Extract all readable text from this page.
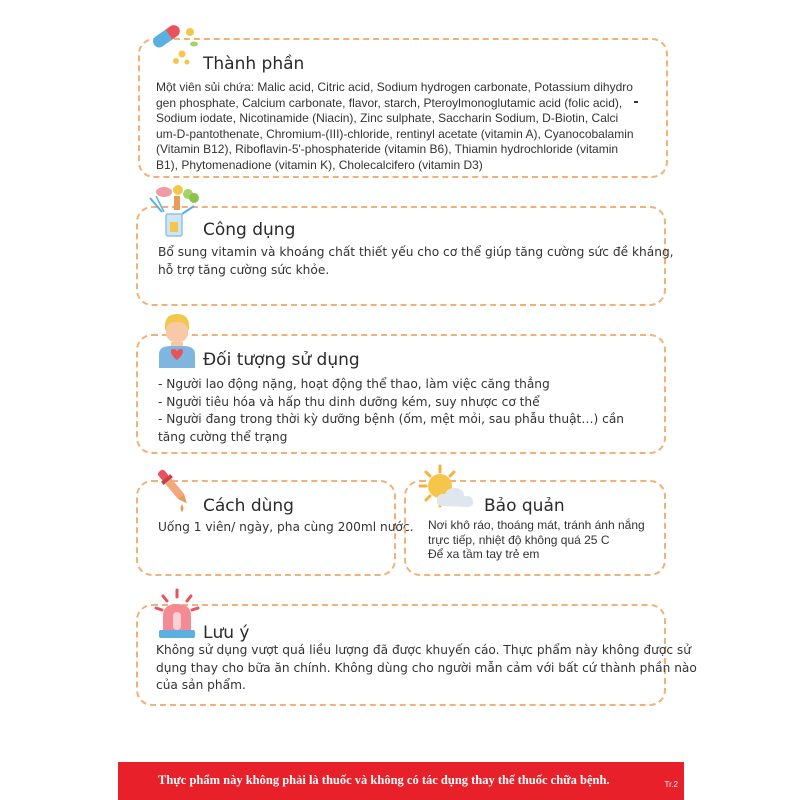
Thành phần
Một viên sủi chứa: Malic acid, Citric acid, Sodium hydrogen carbonate, Potassium dihydro
gen phosphate, Calcium carbonate, flavor, starch, Pteroylmonoglutamic acid (folic acid),
Sodium iodate, Nicotinamide (Niacin), Zinc sulphate, Saccharin Sodium, D-Biotin, Calci
um-D-pantothenate, Chromium-(III)-chloride, rentinyl acetate (vitamin A), Cyanocobalamin
(Vitamin B12), Riboflavin-5'-phosphateride (vitamin B6), Thiamin hydrochloride (vitamin
B1), Phytomenadione (vitamin K), Cholecalcifero (vitamin D3)
Công dụng
Bổ sung vitamin và khoáng chất thiết yếu cho cơ thể giúp tăng cường sức đề kháng,
hỗ trợ tăng cường sức khỏe.
Đối tượng sử dụng
- Người lao động nặng, hoạt động thể thao, làm việc căng thẳng
- Người tiêu hóa và hấp thu dinh dưỡng kém, suy nhược cơ thể
- Người đang trong thời kỳ dưỡng bệnh (ốm, mệt mỏi, sau phẫu thuật…) cần
tăng cường thể trạng
Cách dùng
Uống 1 viên/ ngày, pha cùng 200ml nước.
Bảo quản
Nơi khô ráo, thoáng mát, tránh ánh nắng
trực tiếp, nhiệt độ không quá 25 C
Để xa tầm tay trẻ em
Lưu ý
Không sử dụng vượt quá liều lượng đã được khuyến cáo. Thực phẩm này không được sử
dụng thay cho bữa ăn chính. Không dùng cho người mẫn cảm với bất cứ thành phần nào
của sản phẩm.
Thực phẩm này không phải là thuốc và không có tác dụng thay thế thuốc chữa bệnh.	Tr.2
